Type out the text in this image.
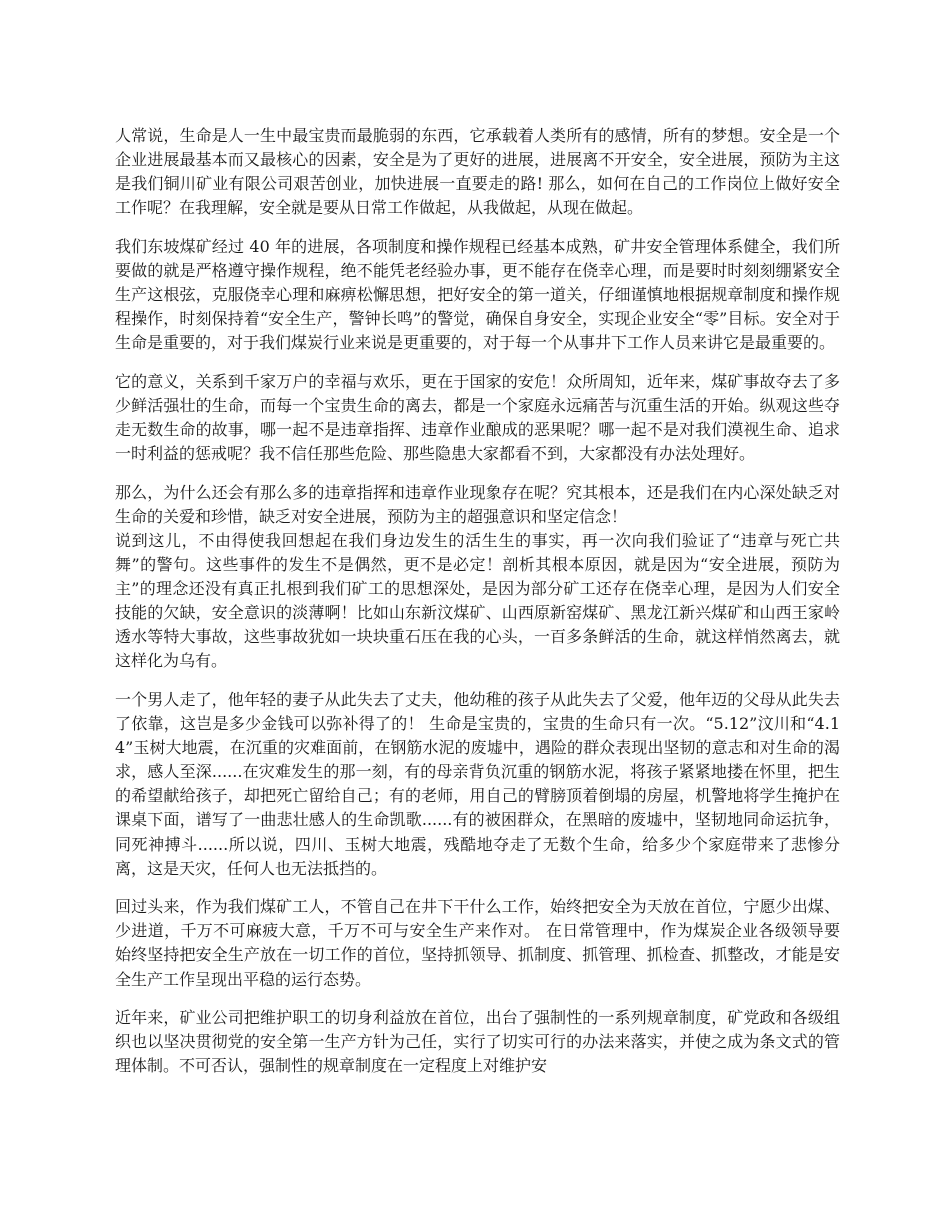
人常说，生命是人一生中最宝贵而最脆弱的东西，它承载着人类所有的感情，所有的梦想。安全是一个企业进展最基本而又最核心的因素，安全是为了更好的进展，进展离不开安全，安全进展，预防为主这是我们铜川矿业有限公司艰苦创业，加快进展一直要走的路! 那么，如何在自己的工作岗位上做好安全工作呢？在我理解，安全就是要从日常工作做起，从我做起，从现在做起。

我们东坡煤矿经过 40 年的进展，各项制度和操作规程已经基本成熟，矿井安全管理体系健全，我们所要做的就是严格遵守操作规程，绝不能凭老经验办事，更不能存在侥幸心理，而是要时时刻刻绷紧安全生产这根弦，克服侥幸心理和麻痹松懈思想，把好安全的第一道关，仔细谨慎地根据规章制度和操作规程操作，时刻保持着“安全生产，警钟长鸣”的警觉，确保自身安全，实现企业安全“零”目标。安全对于生命是重要的，对于我们煤炭行业来说是更重要的，对于每一个从事井下工作人员来讲它是最重要的。

它的意义，关系到千家万户的幸福与欢乐，更在于国家的安危！众所周知，近年来，煤矿事故夺去了多少鲜活强壮的生命，而每一个宝贵生命的离去，都是一个家庭永远痛苦与沉重生活的开始。纵观这些夺走无数生命的故事，哪一起不是违章指挥、违章作业酿成的恶果呢？哪一起不是对我们漠视生命、追求一时利益的惩戒呢？我不信任那些危险、那些隐患大家都看不到，大家都没有办法处理好。

那么，为什么还会有那么多的违章指挥和违章作业现象存在呢？究其根本，还是我们在内心深处缺乏对生命的关爱和珍惜，缺乏对安全进展，预防为主的超强意识和坚定信念！
说到这儿，不由得使我回想起在我们身边发生的活生生的事实，再一次向我们验证了“违章与死亡共舞”的警句。这些事件的发生不是偶然，更不是必定！剖析其根本原因，就是因为“安全进展，预防为主”的理念还没有真正扎根到我们矿工的思想深处，是因为部分矿工还存在侥幸心理，是因为人们安全技能的欠缺，安全意识的淡薄啊！比如山东新汶煤矿、山西原新窑煤矿、黑龙江新兴煤矿和山西王家岭透水等特大事故，这些事故犹如一块块重石压在我的心头，一百多条鲜活的生命，就这样悄然离去，就这样化为乌有。

一个男人走了，他年轻的妻子从此失去了丈夫，他幼稚的孩子从此失去了父爱，他年迈的父母从此失去了依靠，这岂是多少金钱可以弥补得了的！ 生命是宝贵的，宝贵的生命只有一次。“5.12”汶川和“4.14”玉树大地震，在沉重的灾难面前，在钢筋水泥的废墟中，遇险的群众表现出坚韧的意志和对生命的渴求，感人至深......在灾难发生的那一刻，有的母亲背负沉重的钢筋水泥，将孩子紧紧地搂在怀里，把生的希望献给孩子，却把死亡留给自己；有的老师，用自己的臂膀顶着倒塌的房屋，机警地将学生掩护在课桌下面，谱写了一曲悲壮感人的生命凯歌......有的被困群众，在黑暗的废墟中，坚韧地同命运抗争，同死神搏斗......所以说，四川、玉树大地震，残酷地夺走了无数个生命，给多少个家庭带来了悲惨分离，这是天灾，任何人也无法抵挡的。

回过头来，作为我们煤矿工人，不管自己在井下干什么工作，始终把安全为天放在首位，宁愿少出煤、少进道，千万不可麻疲大意，千万不可与安全生产来作对。 在日常管理中，作为煤炭企业各级领导要始终坚持把安全生产放在一切工作的首位，坚持抓领导、抓制度、抓管理、抓检查、抓整改，才能是安全生产工作呈现出平稳的运行态势。

近年来，矿业公司把维护职工的切身利益放在首位，出台了强制性的一系列规章制度，矿党政和各级组织也以坚决贯彻党的安全第一生产方针为己任，实行了切实可行的办法来落实，并使之成为条文式的管理体制。不可否认，强制性的规章制度在一定程度上对维护安
